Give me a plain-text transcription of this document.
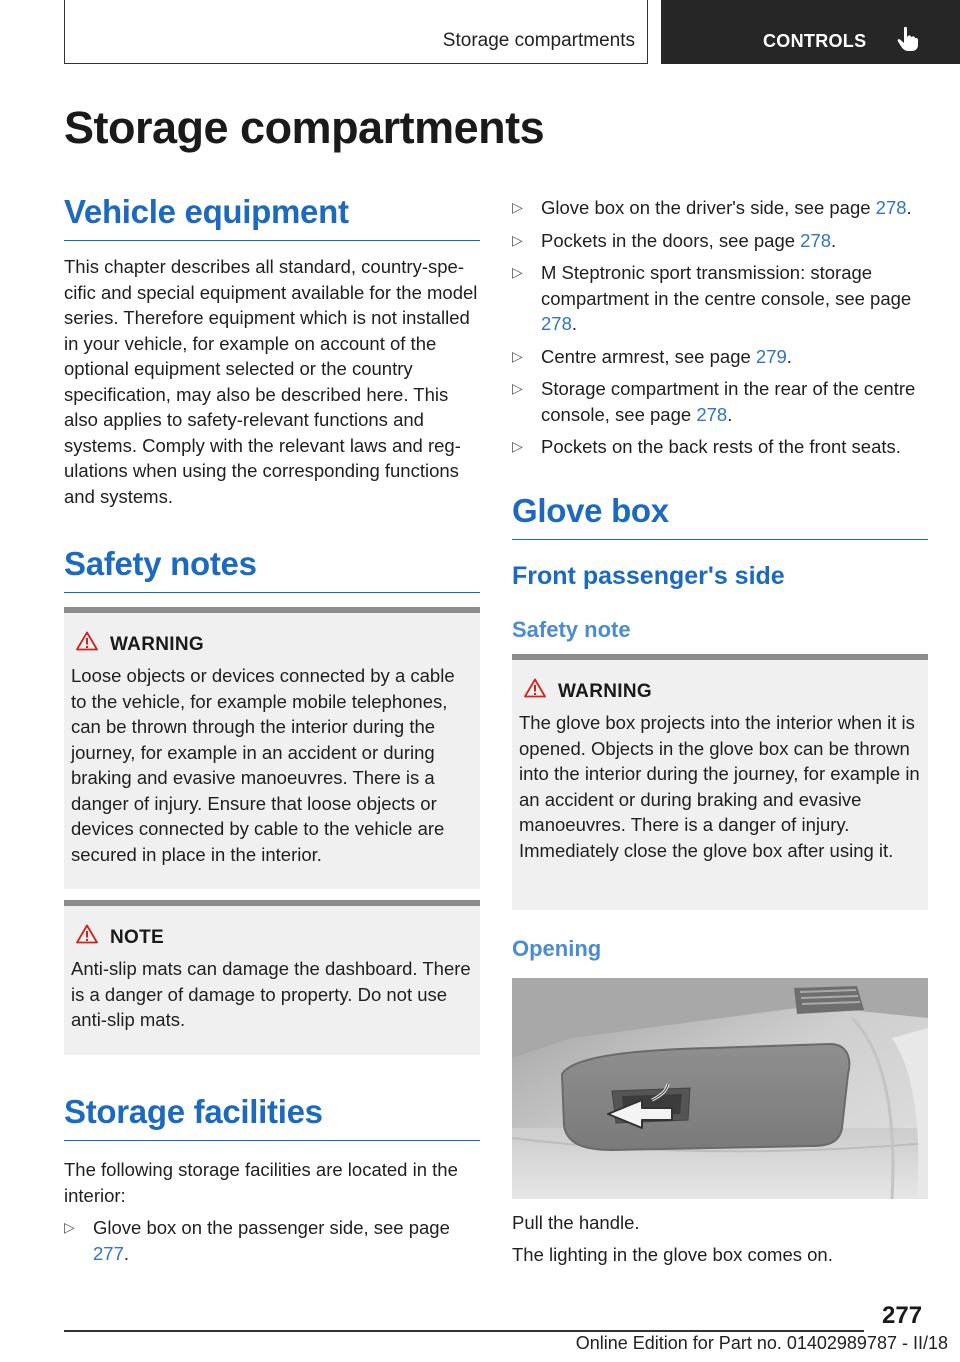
Storage compartments	CONTROLS
Storage compartments
Vehicle equipment

This chapter describes all standard, country-specific and special equipment available for the model series. Therefore equipment which is not installed in your vehicle, for example on account of the optional equipment selected or the country specification, may also be described here. This also applies to safety-relevant functions and systems. Comply with the relevant laws and regulations when using the corresponding functions and systems.

Safety notes
WARNING
Loose objects or devices connected by a cable to the vehicle, for example mobile telephones, can be thrown through the interior during the journey, for example in an accident or during braking and evasive manoeuvres. There is a danger of injury. Ensure that loose objects or devices connected by cable to the vehicle are secured in place in the interior.
NOTE
Anti-slip mats can damage the dashboard. There is a danger of damage to property. Do not use anti-slip mats.
Storage facilities

The following storage facilities are located in the interior:

▷ Glove box on the passenger side, see page 277.
▷ Glove box on the driver's side, see page 278.
▷ Pockets in the doors, see page 278.
▷ M Steptronic sport transmission: storage compartment in the centre console, see page 278.
▷ Centre armrest, see page 279.
▷ Storage compartment in the rear of the centre console, see page 278.
▷ Pockets on the back rests of the front seats.
Glove box
Front passenger's side
Safety note
WARNING
The glove box projects into the interior when it is opened. Objects in the glove box can be thrown into the interior during the journey, for example in an accident or during braking and evasive manoeuvres. There is a danger of injury. Immediately close the glove box after using it.
Opening

Pull the handle.

The lighting in the glove box comes on.

277
Online Edition for Part no. 01402989787 - II/18
